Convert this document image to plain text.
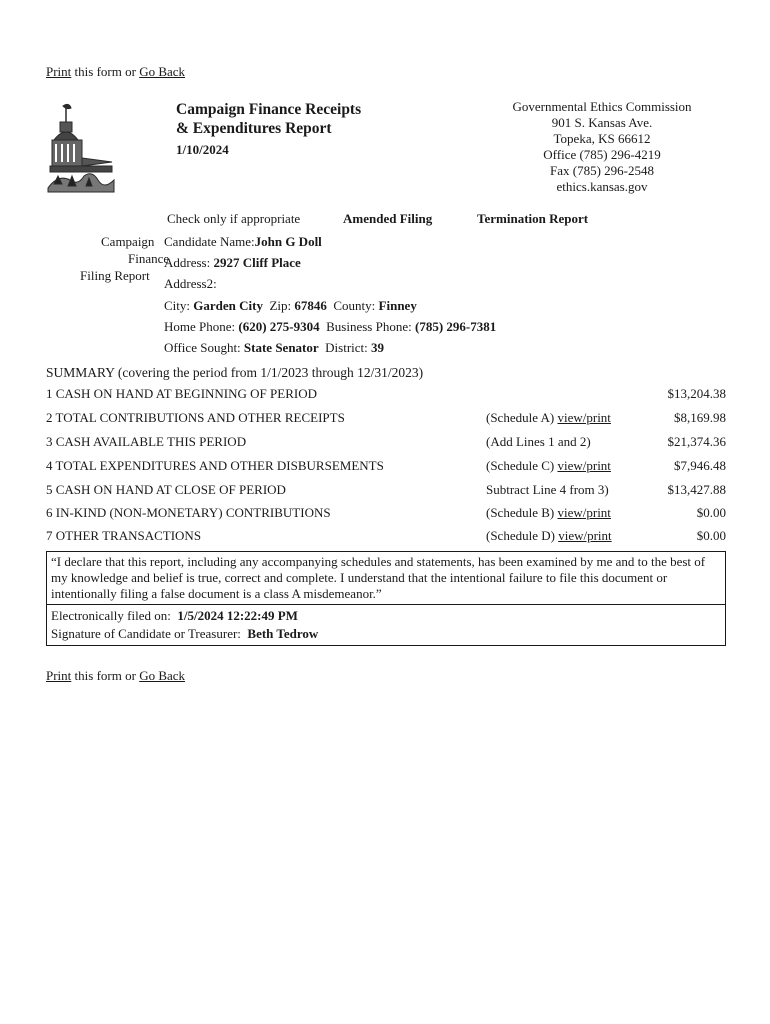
Print this form or Go Back
Campaign Finance Receipts
& Expenditures Report
1/10/2024
Governmental Ethics Commission
901 S. Kansas Ave.
Topeka, KS 66612
Office (785) 296-4219
Fax (785) 296-2548
ethics.kansas.gov
Check only if appropriate	Amended Filing	Termination Report
Campaign
Finance
Filing Report
Candidate Name:John G Doll
Address: 2927 Cliff Place
Address2:
City: Garden City Zip: 67846 County: Finney
Home Phone: (620) 275-9304 Business Phone: (785) 296-7381
Office Sought: State Senator District: 39
SUMMARY (covering the period from 1/1/2023 through 12/31/2023)
1 CASH ON HAND AT BEGINNING OF PERIOD	$13,204.38
2 TOTAL CONTRIBUTIONS AND OTHER RECEIPTS	(Schedule A) view/print	$8,169.98
3 CASH AVAILABLE THIS PERIOD	(Add Lines 1 and 2)	$21,374.36
4 TOTAL EXPENDITURES AND OTHER DISBURSEMENTS	(Schedule C) view/print	$7,946.48
5 CASH ON HAND AT CLOSE OF PERIOD	Subtract Line 4 from 3)	$13,427.88
6 IN-KIND (NON-MONETARY) CONTRIBUTIONS	(Schedule B) view/print	$0.00
7 OTHER TRANSACTIONS	(Schedule D) view/print	$0.00
“I declare that this report, including any accompanying schedules and statements, has been examined by me and to the best of my knowledge and belief is true, correct and complete. I understand that the intentional failure to file this document or intentionally filing a false document is a class A misdemeanor.”
Electronically filed on: 1/5/2024 12:22:49 PM
Signature of Candidate or Treasurer: Beth Tedrow
Print this form or Go Back
